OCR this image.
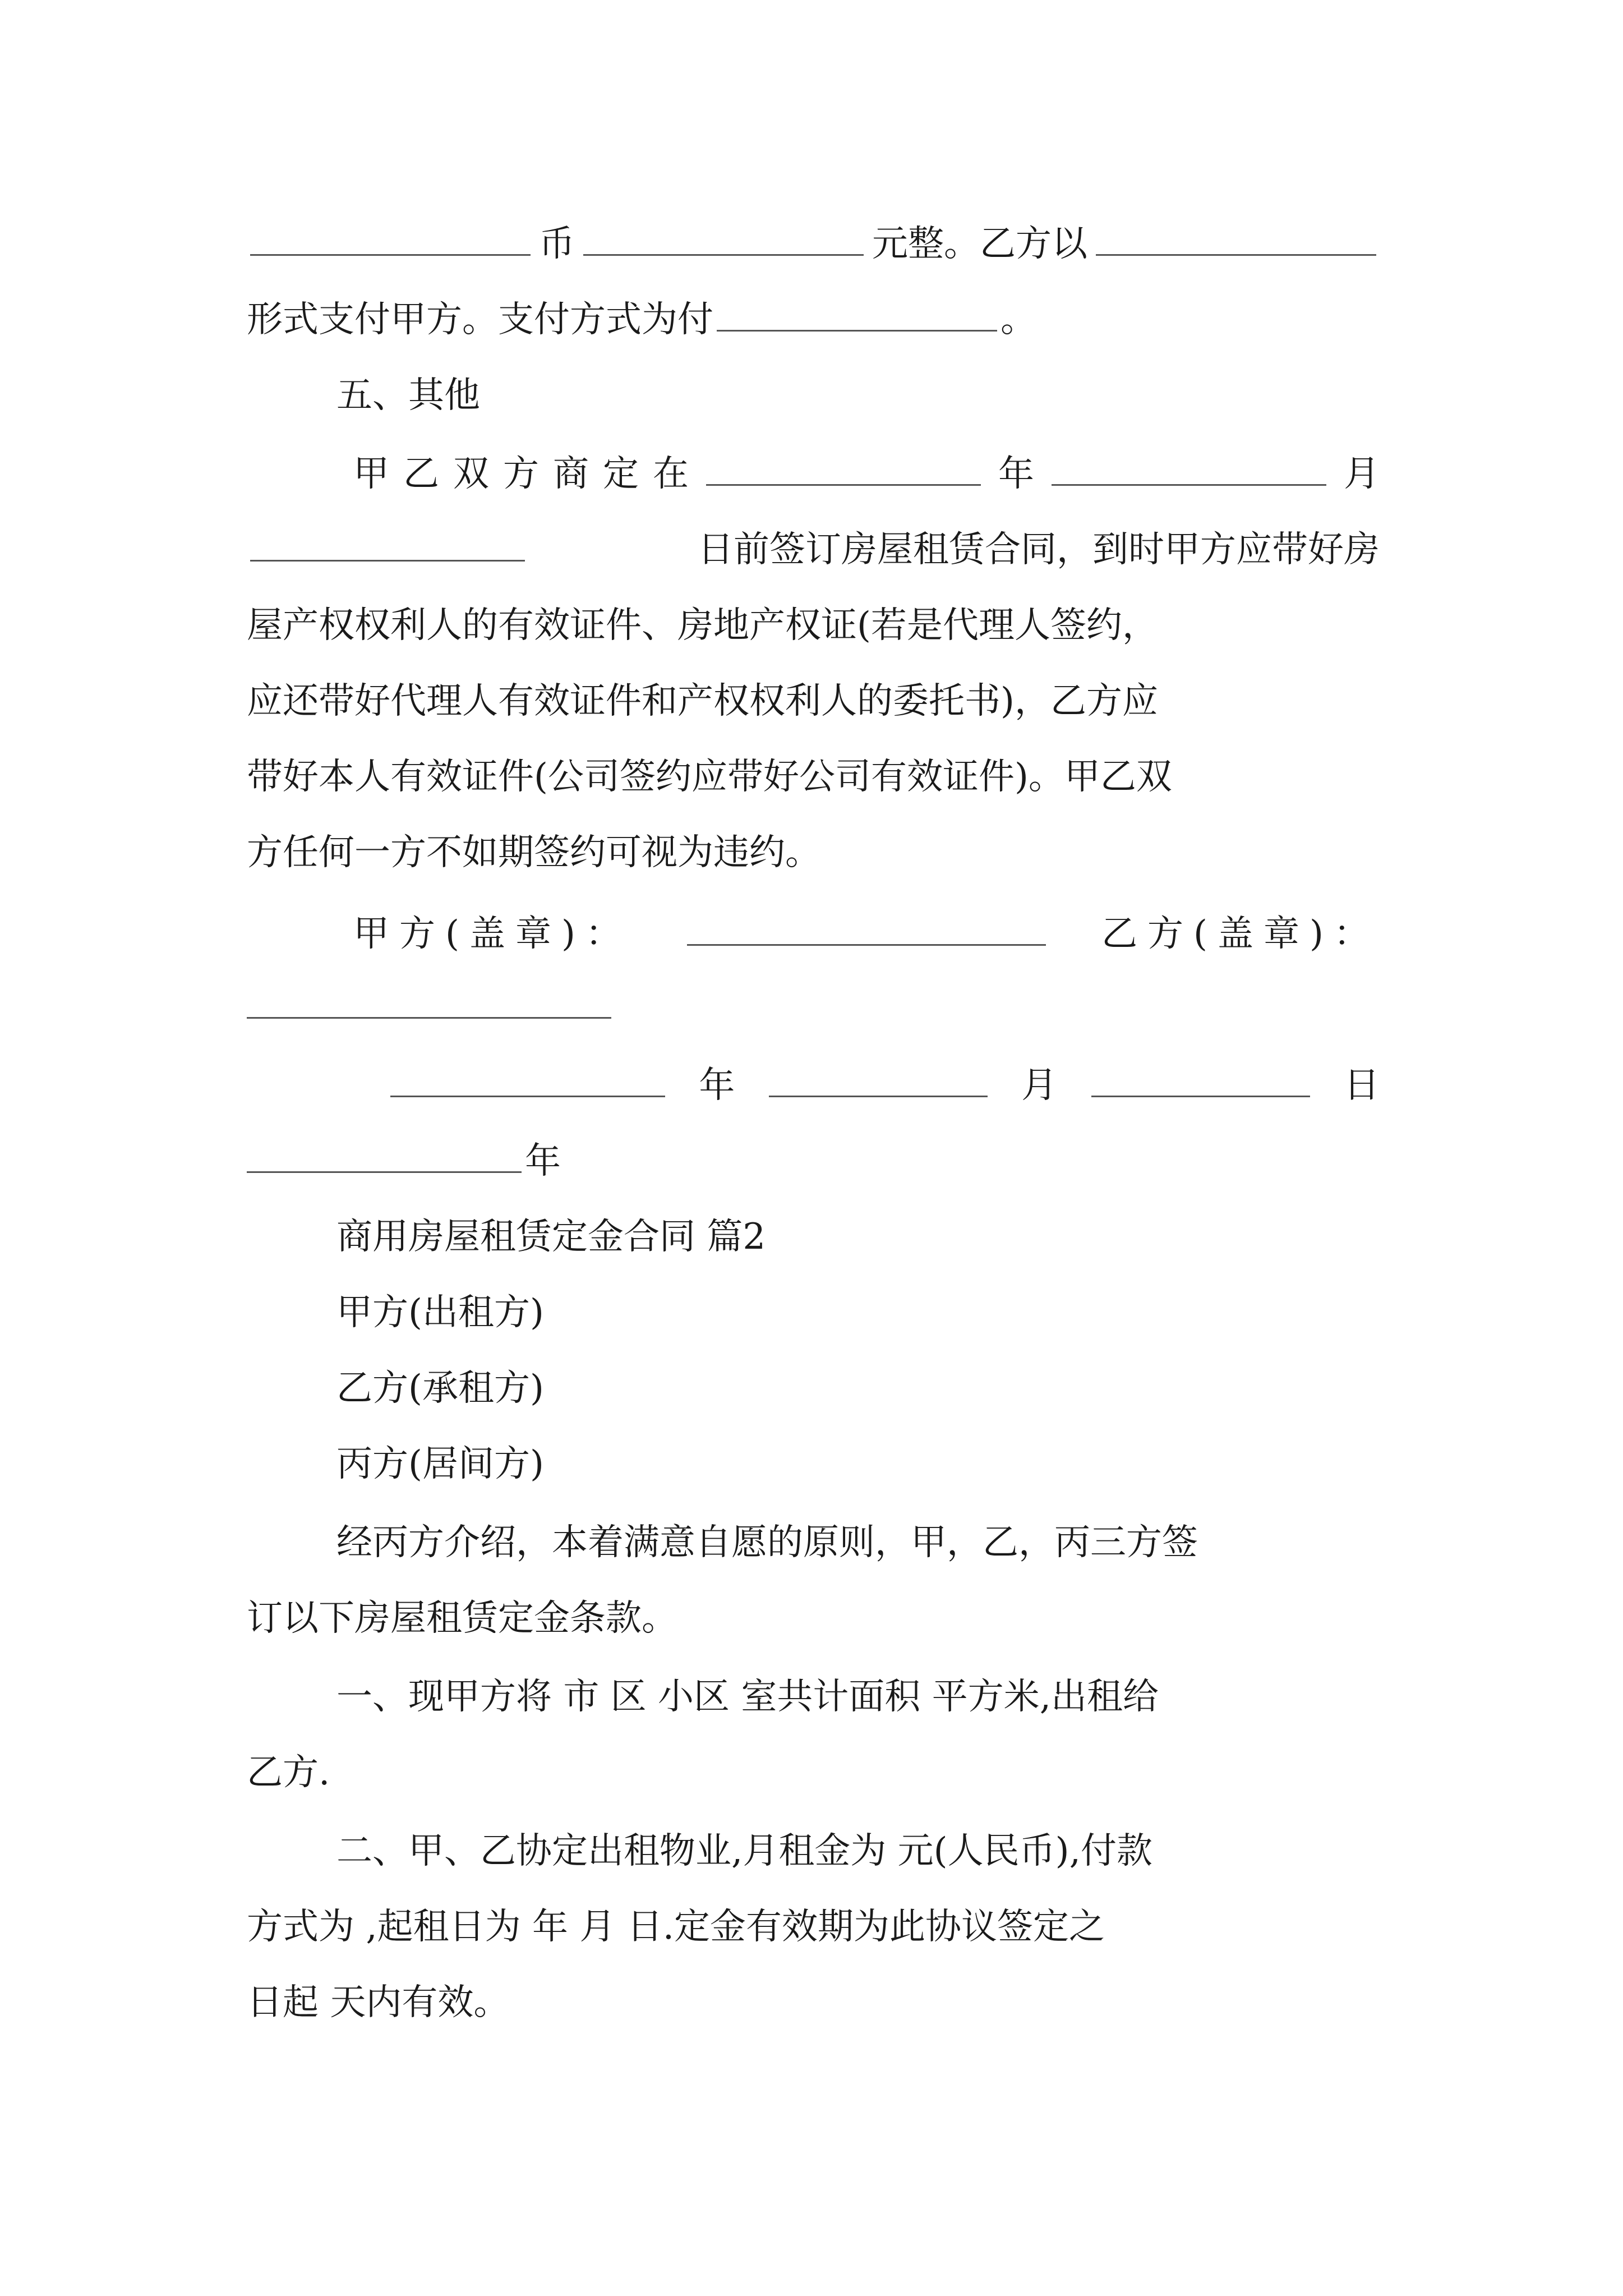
币	元整。乙方以
形式支付甲方。支付方式为付	。
五、其他
甲 乙 双 方 商 定 在	年	月
日前签订房屋租赁合同，到时甲方应带好房
屋产权权利人的有效证件、房地产权证(若是代理人签约，
应还带好代理人有效证件和产权权利人的委托书)，乙方应
带好本人有效证件(公司签约应带好公司有效证件)。甲乙双
方任何一方不如期签约可视为违约。
甲方(盖章)：	乙方(盖章)：
年	月	日
年
商用房屋租赁定金合同 篇2
甲方(出租方)
乙方(承租方)
丙方(居间方)
经丙方介绍，本着满意自愿的原则，甲，乙，丙三方签
订以下房屋租赁定金条款。
一、现甲方将 市 区 小区 室共计面积 平方米,出租给
乙方.
二、甲、乙协定出租物业,月租金为 元(人民币),付款
方式为 ,起租日为 年 月 日.定金有效期为此协议签定之
日起 天内有效。
